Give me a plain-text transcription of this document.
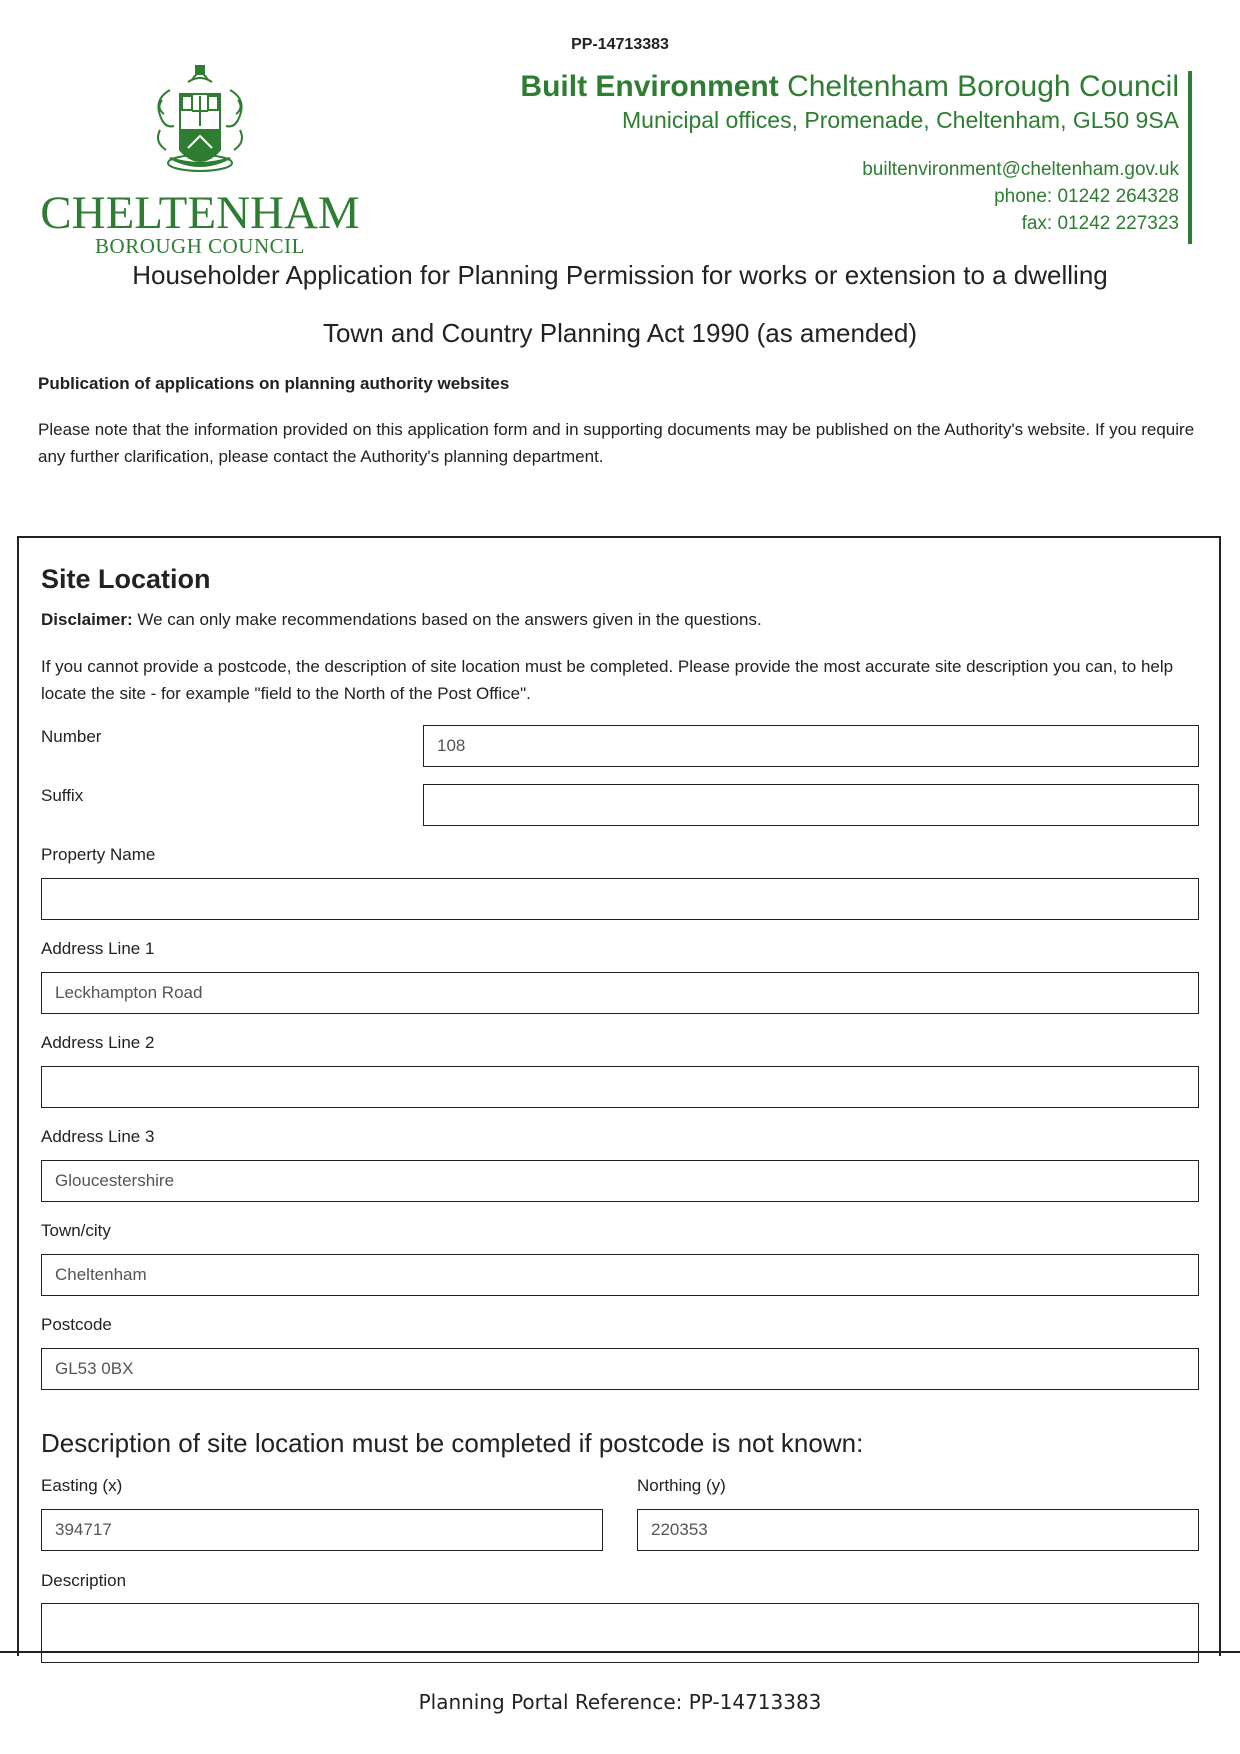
PP-14713383
CHELTENHAM
BOROUGH COUNCIL
Built Environment Cheltenham Borough Council
Municipal offices, Promenade, Cheltenham, GL50 9SA
builtenvironment@cheltenham.gov.uk
phone: 01242 264328
fax: 01242 227323
Householder Application for Planning Permission for works or extension to a dwelling
Town and Country Planning Act 1990 (as amended)
Publication of applications on planning authority websites
Please note that the information provided on this application form and in supporting documents may be published on the Authority's website. If you require any further clarification, please contact the Authority's planning department.
Site Location
Disclaimer: We can only make recommendations based on the answers given in the questions.
If you cannot provide a postcode, the description of site location must be completed. Please provide the most accurate site description you can, to help locate the site - for example "field to the North of the Post Office".
Number	108
Suffix
Property Name
Address Line 1
Leckhampton Road
Address Line 2
Address Line 3
Gloucestershire
Town/city
Cheltenham
Postcode
GL53 0BX
Description of site location must be completed if postcode is not known:
Easting (x)
394717
Northing (y)
220353
Description
Planning Portal Reference: PP-14713383
